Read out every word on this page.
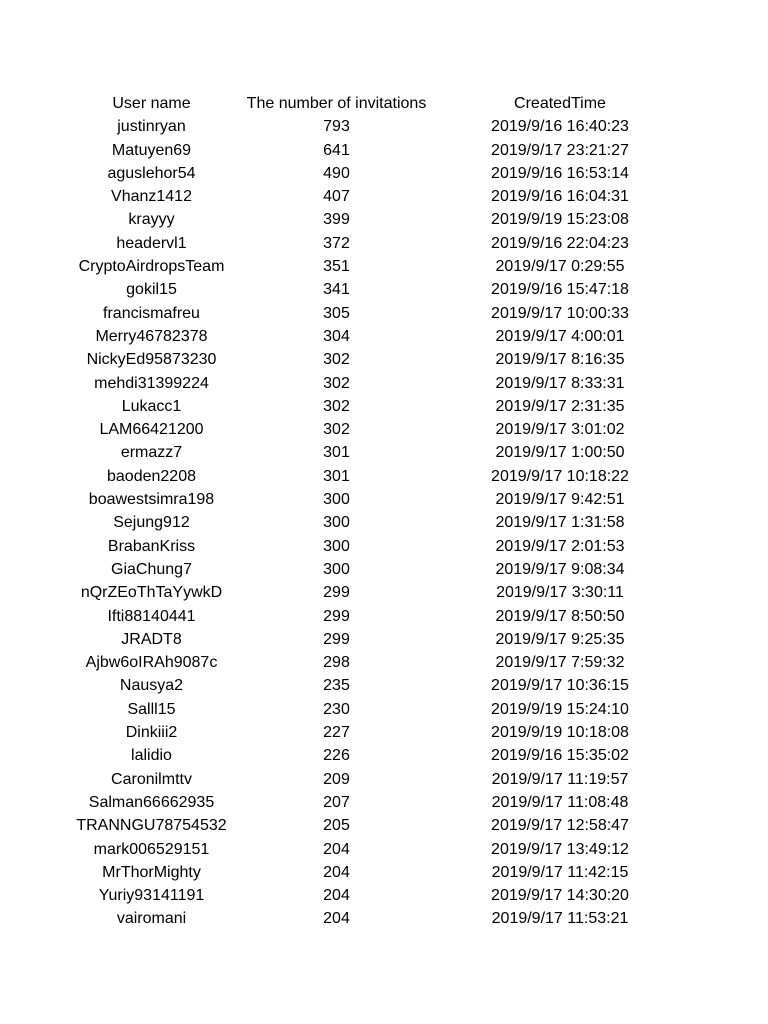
User name	The number of invitations	CreatedTime
justinryan	793	2019/9/16 16:40:23
Matuyen69	641	2019/9/17 23:21:27
aguslehor54	490	2019/9/16 16:53:14
Vhanz1412	407	2019/9/16 16:04:31
krayyy	399	2019/9/19 15:23:08
headervl1	372	2019/9/16 22:04:23
CryptoAirdropsTeam	351	2019/9/17 0:29:55
gokil15	341	2019/9/16 15:47:18
francismafreu	305	2019/9/17 10:00:33
Merry46782378	304	2019/9/17 4:00:01
NickyEd95873230	302	2019/9/17 8:16:35
mehdi31399224	302	2019/9/17 8:33:31
Lukacc1	302	2019/9/17 2:31:35
LAM66421200	302	2019/9/17 3:01:02
ermazz7	301	2019/9/17 1:00:50
baoden2208	301	2019/9/17 10:18:22
boawestsimra198	300	2019/9/17 9:42:51
Sejung912	300	2019/9/17 1:31:58
BrabanKriss	300	2019/9/17 2:01:53
GiaChung7	300	2019/9/17 9:08:34
nQrZEoThTaYywkD	299	2019/9/17 3:30:11
Ifti88140441	299	2019/9/17 8:50:50
JRADT8	299	2019/9/17 9:25:35
Ajbw6oIRAh9087c	298	2019/9/17 7:59:32
Nausya2	235	2019/9/17 10:36:15
Salll15	230	2019/9/19 15:24:10
Dinkiii2	227	2019/9/19 10:18:08
lalidio	226	2019/9/16 15:35:02
Caronilmttv	209	2019/9/17 11:19:57
Salman66662935	207	2019/9/17 11:08:48
TRANNGU78754532	205	2019/9/17 12:58:47
mark006529151	204	2019/9/17 13:49:12
MrThorMighty	204	2019/9/17 11:42:15
Yuriy93141191	204	2019/9/17 14:30:20
vairomani	204	2019/9/17 11:53:21
